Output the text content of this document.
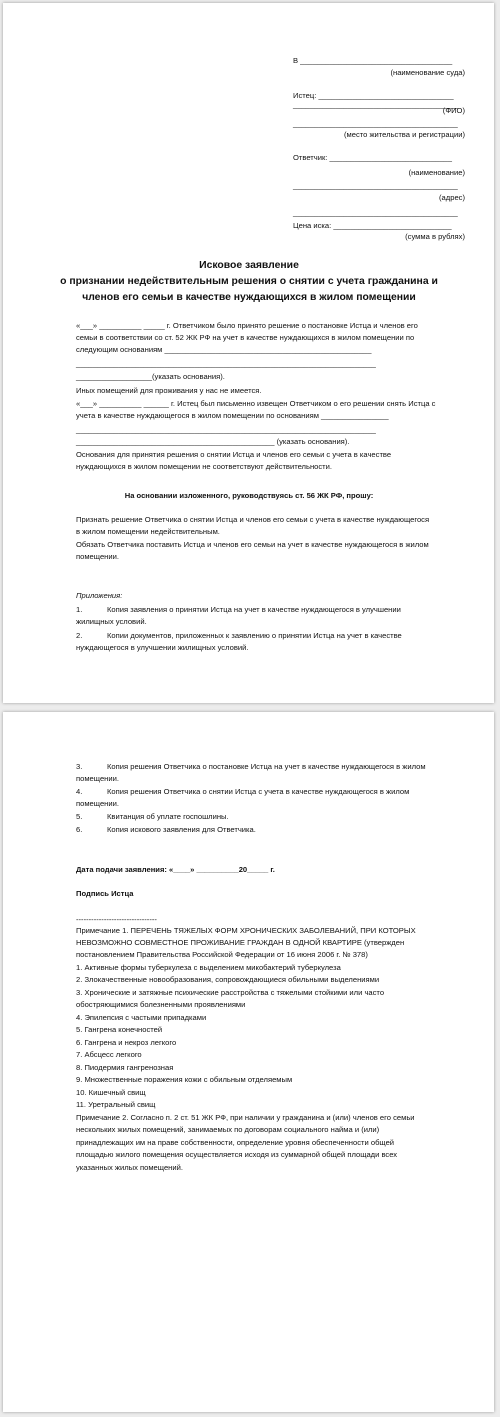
В ____________________________________
(наименование суда)
Истец: ________________________________
_______________________________________
(ФИО)
_______________________________________
(место жительства и регистрации)
Ответчик: _____________________________
(наименование)
_______________________________________
(адрес)
_______________________________________
Цена иска: ____________________________
(сумма в рублях)
Исковое заявление
о признании недействительным решения о снятии с учета гражданина и
членов его семьи в качестве нуждающихся в жилом помещении
«___» __________ _____ г. Ответчиком было принято решение о постановке Истца и членов его
семьи в соответствии со ст. 52 ЖК РФ на учет в качестве нуждающихся в жилом помещении по
следующим основаниям _________________________________________________
_______________________________________________________________________
__________________(указать основания).
Иных помещений для проживания у нас не имеется.
«___» __________ ______ г. Истец был письменно извещен Ответчиком о его решении снять Истца с
учета в качестве нуждающегося в жилом помещении по основаниям ________________
_______________________________________________________________________
_______________________________________________ (указать основания).
Основания для принятия решения о снятии Истца и членов его семьи с учета в качестве
нуждающихся в жилом помещении не соответствуют действительности.
На основании изложенного, руководствуясь ст. 56 ЖК РФ, прошу:
Признать решение Ответчика о снятии Истца и членов его семьи с учета в качестве нуждающегося
в жилом помещении недействительным.
Обязать Ответчика поставить Истца и членов его семьи на учет в качестве нуждающегося в жилом
помещении.
Приложения:
1.	Копия заявления о принятии Истца на учет в качестве нуждающегося в улучшении
жилищных условий.
2.	Копии документов, приложенных к заявлению о принятии Истца на учет в качестве
нуждающегося в улучшении жилищных условий.
3.	Копия решения Ответчика о постановке Истца на учет в качестве нуждающегося в жилом
помещении.
4.	Копия решения Ответчика о снятии Истца с учета в качестве нуждающегося в жилом
помещении.
5.	Квитанция об уплате госпошлины.
6.	Копия искового заявления для Ответчика.
Дата подачи заявления: «____» __________20_____ г.
Подпись Истца
--------------------------------
Примечание 1. ПЕРЕЧЕНЬ ТЯЖЕЛЫХ ФОРМ ХРОНИЧЕСКИХ ЗАБОЛЕВАНИЙ, ПРИ КОТОРЫХ
НЕВОЗМОЖНО СОВМЕСТНОЕ ПРОЖИВАНИЕ ГРАЖДАН В ОДНОЙ КВАРТИРЕ (утвержден
постановлением Правительства Российской Федерации от 16 июня 2006 г. № 378)
1. Активные формы туберкулеза с выделением микобактерий туберкулеза
2. Злокачественные новообразования, сопровождающиеся обильными выделениями
3. Хронические и затяжные психические расстройства с тяжелыми стойкими или часто
обостряющимися болезненными проявлениями
4. Эпилепсия с частыми припадками
5. Гангрена конечностей
6. Гангрена и некроз легкого
7. Абсцесс легкого
8. Пиодермия гангренозная
9. Множественные поражения кожи с обильным отделяемым
10. Кишечный свищ
11. Уретральный свищ
Примечание 2. Согласно п. 2 ст. 51 ЖК РФ, при наличии у гражданина и (или) членов его семьи
нескольких жилых помещений, занимаемых по договорам социального найма и (или)
принадлежащих им на праве собственности, определение уровня обеспеченности общей
площадью жилого помещения осуществляется исходя из суммарной общей площади всех
указанных жилых помещений.
